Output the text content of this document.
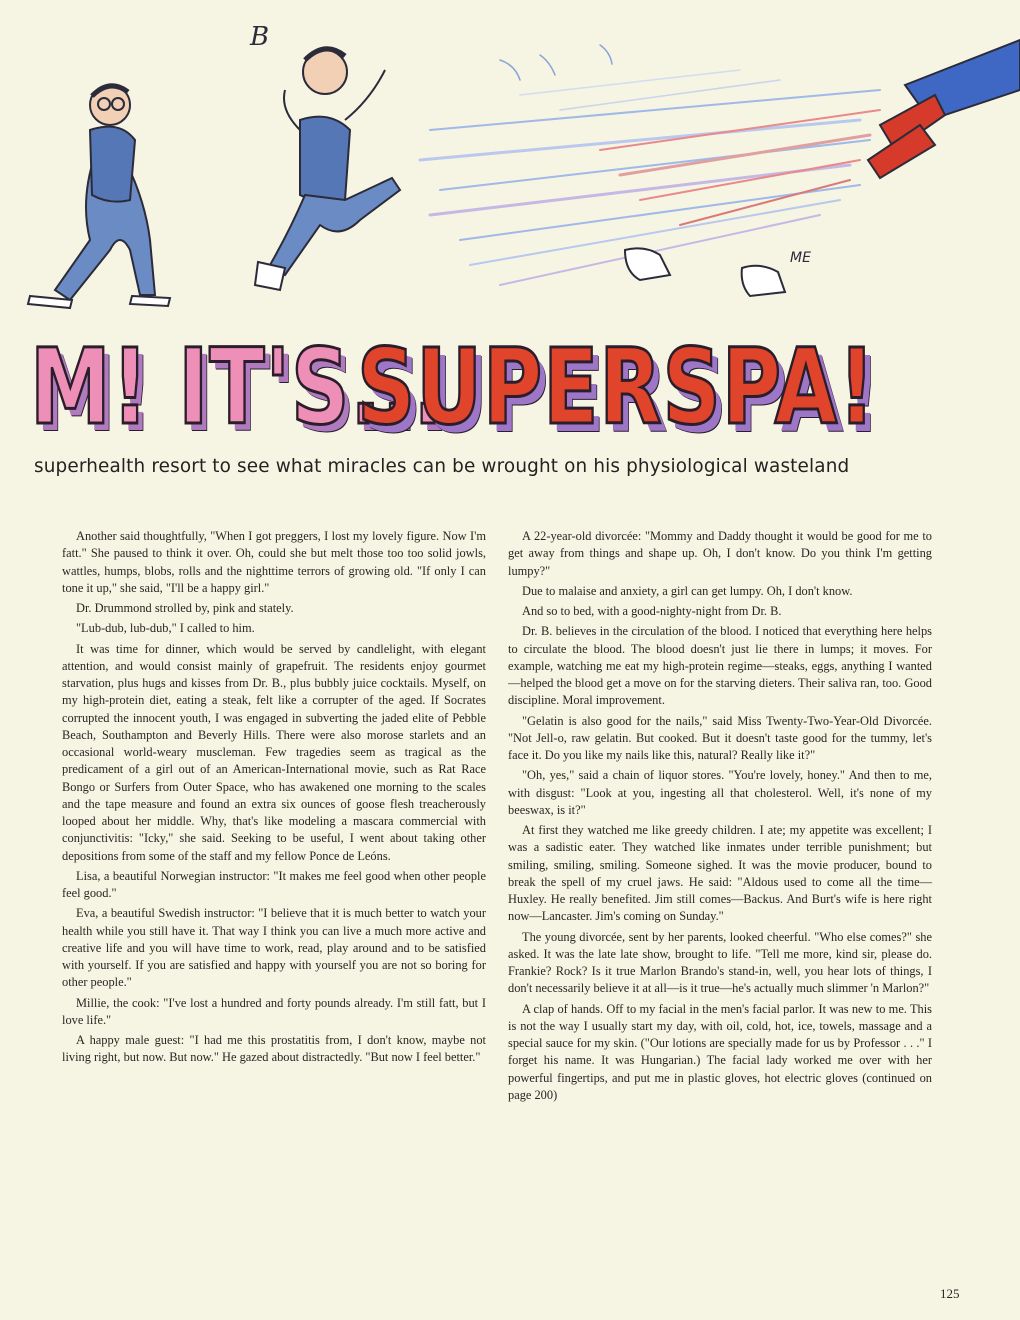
B
ME
M! IT'S...
SUPERSPA!
superhealth resort to see what miracles can be wrought on his physiological wasteland

Another said thoughtfully, "When I got preggers, I lost my lovely figure. Now I'm fatt." She paused to think it over. Oh, could she but melt those too too solid jowls, wattles, humps, blobs, rolls and the nighttime terrors of growing old. "If only I can tone it up," she said, "I'll be a happy girl."

Dr. Drummond strolled by, pink and stately.

"Lub-dub, lub-dub," I called to him.

It was time for dinner, which would be served by candlelight, with elegant attention, and would consist mainly of grapefruit. The residents enjoy gourmet starvation, plus hugs and kisses from Dr. B., plus bubbly juice cocktails. Myself, on my high-protein diet, eating a steak, felt like a corrupter of the aged. If Socrates corrupted the innocent youth, I was engaged in subverting the jaded elite of Pebble Beach, Southampton and Beverly Hills. There were also morose starlets and an occasional world-weary muscleman. Few tragedies seem as tragical as the predicament of a girl out of an American-International movie, such as Rat Race Bongo or Surfers from Outer Space, who has awakened one morning to the scales and the tape measure and found an extra six ounces of goose flesh treacherously looped about her middle. Why, that's like modeling a mascara commercial with conjunctivitis: "Icky," she said. Seeking to be useful, I went about taking other depositions from some of the staff and my fellow Ponce de Leóns.

Lisa, a beautiful Norwegian instructor: "It makes me feel good when other people feel good."

Eva, a beautiful Swedish instructor: "I believe that it is much better to watch your health while you still have it. That way I think you can live a much more active and creative life and you will have time to work, read, play around and to be satisfied with yourself. If you are satisfied and happy with yourself you are not so boring for other people."

Millie, the cook: "I've lost a hundred and forty pounds already. I'm still fatt, but I love life."

A happy male guest: "I had me this prostatitis from, I don't know, maybe not living right, but now. But now." He gazed about distractedly. "But now I feel better."

A 22-year-old divorcée: "Mommy and Daddy thought it would be good for me to get away from things and shape up. Oh, I don't know. Do you think I'm getting lumpy?"

Due to malaise and anxiety, a girl can get lumpy. Oh, I don't know.

And so to bed, with a good-nighty-night from Dr. B.

Dr. B. believes in the circulation of the blood. I noticed that everything here helps to circulate the blood. The blood doesn't just lie there in lumps; it moves. For example, watching me eat my high-protein regime—steaks, eggs, anything I wanted—helped the blood get a move on for the starving dieters. Their saliva ran, too. Good discipline. Moral improvement.

"Gelatin is also good for the nails," said Miss Twenty-Two-Year-Old Divorcée. "Not Jell-o, raw gelatin. But cooked. But it doesn't taste good for the tummy, let's face it. Do you like my nails like this, natural? Really like it?"

"Oh, yes," said a chain of liquor stores. "You're lovely, honey." And then to me, with disgust: "Look at you, ingesting all that cholesterol. Well, it's none of my beeswax, is it?"

At first they watched me like greedy children. I ate; my appetite was excellent; I was a sadistic eater. They watched like inmates under terrible punishment; but smiling, smiling, smiling. Someone sighed. It was the movie producer, bound to break the spell of my cruel jaws. He said: "Aldous used to come all the time—Huxley. He really benefited. Jim still comes—Backus. And Burt's wife is here right now—Lancaster. Jim's coming on Sunday."

The young divorcée, sent by her parents, looked cheerful. "Who else comes?" she asked. It was the late late show, brought to life. "Tell me more, kind sir, please do. Frankie? Rock? Is it true Marlon Brando's stand-in, well, you hear lots of things, I don't necessarily believe it at all—is it true—he's actually much slimmer 'n Marlon?"

A clap of hands. Off to my facial in the men's facial parlor. It was new to me. This is not the way I usually start my day, with oil, cold, hot, ice, towels, massage and a special sauce for my skin. ("Our lotions are specially made for us by Professor . . ." I forget his name. It was Hungarian.) The facial lady worked me over with her powerful fingertips, and put me in plastic gloves, hot electric gloves (continued on page 200)

125
